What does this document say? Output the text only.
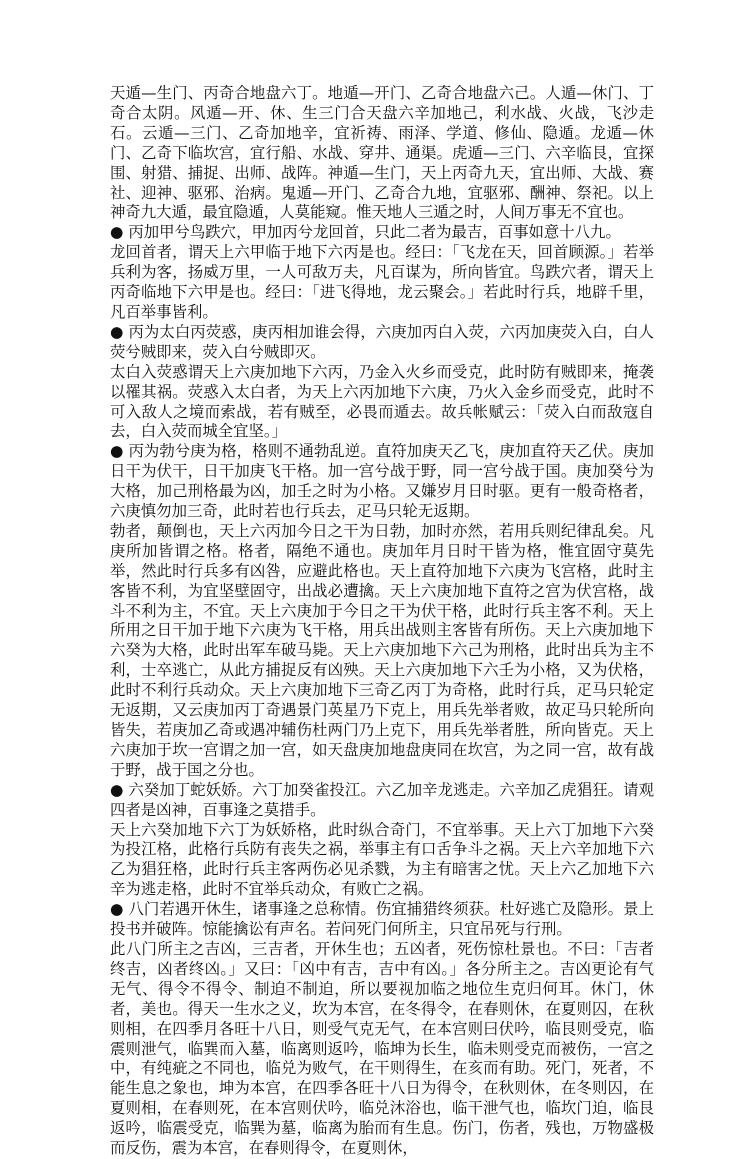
天遁—生门、丙奇合地盘六丁。地遁—开门、乙奇合地盘六己。人遁—休门、丁奇合太阴。风遁—开、休、生三门合天盘六辛加地己，利水战、火战，飞沙走石。云遁—三门、乙奇加地辛，宜祈祷、雨泽、学道、修仙、隐遁。龙遁—休门、乙奇下临坎宫，宜行船、水战、穿井、通渠。虎遁—三门、六辛临艮，宜探围、射猎、捕捉、出师、战阵。神遁—生门，天上丙奇九天，宜出师、大战、赛社、迎神、驱邪、治病。鬼遁—开门、乙奇合九地，宜驱邪、酬神、祭祀。以上神奇九大遁，最宜隐遁，人莫能窥。惟天地人三遁之时，人间万事无不宜也。

● 丙加甲兮鸟跌穴，甲加丙兮龙回首，只此二者为最吉，百事如意十八九。

龙回首者，谓天上六甲临于地下六丙是也。经曰：「飞龙在天，回首顾源。」若举兵利为客，扬威万里，一人可敌万夫，凡百谋为，所向皆宜。鸟跌穴者，谓天上丙奇临地下六甲是也。经曰：「进飞得地，龙云聚会。」若此时行兵，地辟千里，凡百举事皆利。

● 丙为太白丙荧惑，庚丙相加谁会得，六庚加丙白入荧，六丙加庚荧入白，白人荧兮贼即来，荧入白兮贼即灭。

太白入荧惑谓天上六庚加地下六丙，乃金入火乡而受克，此时防有贼即来，掩袭以罹其祸。荧惑入太白者，为天上六丙加地下六庚，乃火入金乡而受克，此时不可入敌人之境而索战，若有贼至，必畏而遁去。故兵帐赋云：「荧入白而敌寇自去，白入荧而城全宜坚。」

● 丙为勃兮庚为格，格则不通勃乱逆。直符加庚天乙飞，庚加直符天乙伏。庚加日干为伏干，日干加庚飞干格。加一宫兮战于野，同一宫兮战于国。庚加癸兮为大格，加己刑格最为凶，加壬之时为小格。又嫌岁月日时驱。更有一般奇格者，六庚慎勿加三奇，此时若也行兵去，疋马只轮无返期。

勃者，颠倒也，天上六丙加今日之干为日勃，加时亦然，若用兵则纪律乱矣。凡庚所加皆谓之格。格者，隔绝不通也。庚加年月日时干皆为格，惟宜固守莫先举，然此时行兵多有凶咎，应避此格也。天上直符加地下六庚为飞宫格，此时主客皆不利，为宜坚壁固守，出战必遭擒。天上六庚加地下直符之宫为伏宫格，战斗不利为主，不宜。天上六庚加于今日之干为伏干格，此时行兵主客不利。天上所用之日干加于地下六庚为飞干格，用兵出战则主客皆有所伤。天上六庚加地下六癸为大格，此时出军车破马毙。天上六庚加地下六己为刑格，此时出兵为主不利，士卒逃亡，从此方捕捉反有凶殃。天上六庚加地下六壬为小格，又为伏格，此时不利行兵动众。天上六庚加地下三奇乙丙丁为奇格，此时行兵，疋马只轮定无返期，又云庚加丙丁奇遇景门英星乃下克上，用兵先举者败，故疋马只轮所向皆失，若庚加乙奇或遇冲辅伤杜两门乃上克下，用兵先举者胜，所向皆克。天上六庚加于坎一宫谓之加一宫，如天盘庚加地盘庚同在坎宫，为之同一宫，故有战于野，战于国之分也。

● 六癸加丁蛇妖娇。六丁加癸雀投江。六乙加辛龙逃走。六辛加乙虎猖狂。请观四者是凶神，百事逢之莫措手。

天上六癸加地下六丁为妖娇格，此时纵合奇门，不宜举事。天上六丁加地下六癸为投江格，此格行兵防有丧失之祸，举事主有口舌争斗之祸。天上六辛加地下六乙为猖狂格，此时行兵主客两伤必见杀戮，为主有暗害之忧。天上六乙加地下六辛为逃走格，此时不宜举兵动众，有败亡之祸。

● 八门若遇开休生，诸事逢之总称情。伤宜捕猎终须获。杜好逃亡及隐形。景上投书并破阵。惊能擒讼有声名。若问死门何所主，只宜吊死与行刑。

此八门所主之吉凶，三吉者，开休生也；五凶者，死伤惊杜景也。不曰：「吉者终吉，凶者终凶。」又曰：「凶中有吉，吉中有凶。」各分所主之。吉凶更论有气无气、得令不得令、制迫不制迫，所以要视加临之地位生克归何耳。休门，休者，美也。得天一生水之义，坎为本宫，在冬得令，在春则休，在夏则囚，在秋则相，在四季月各旺十八日，则受气克无气，在本宫则曰伏吟，临艮则受克，临震则泄气，临巽而入墓，临离则返吟，临坤为长生，临未则受克而被伤，一宫之中，有纯疵之不同也，临兑为败气，在干则得生，在亥而有助。死门，死者，不能生息之象也，坤为本宫，在四季各旺十八日为得令，在秋则休，在冬则囚，在夏则相，在春则死，在本宫则伏吟，临兑沐浴也，临干泄气也，临坎门迫，临艮返吟，临震受克，临巽为墓，临离为胎而有生息。伤门，伤者，残也，万物盛极而反伤，震为本宫，在春则得令，在夏则休，
